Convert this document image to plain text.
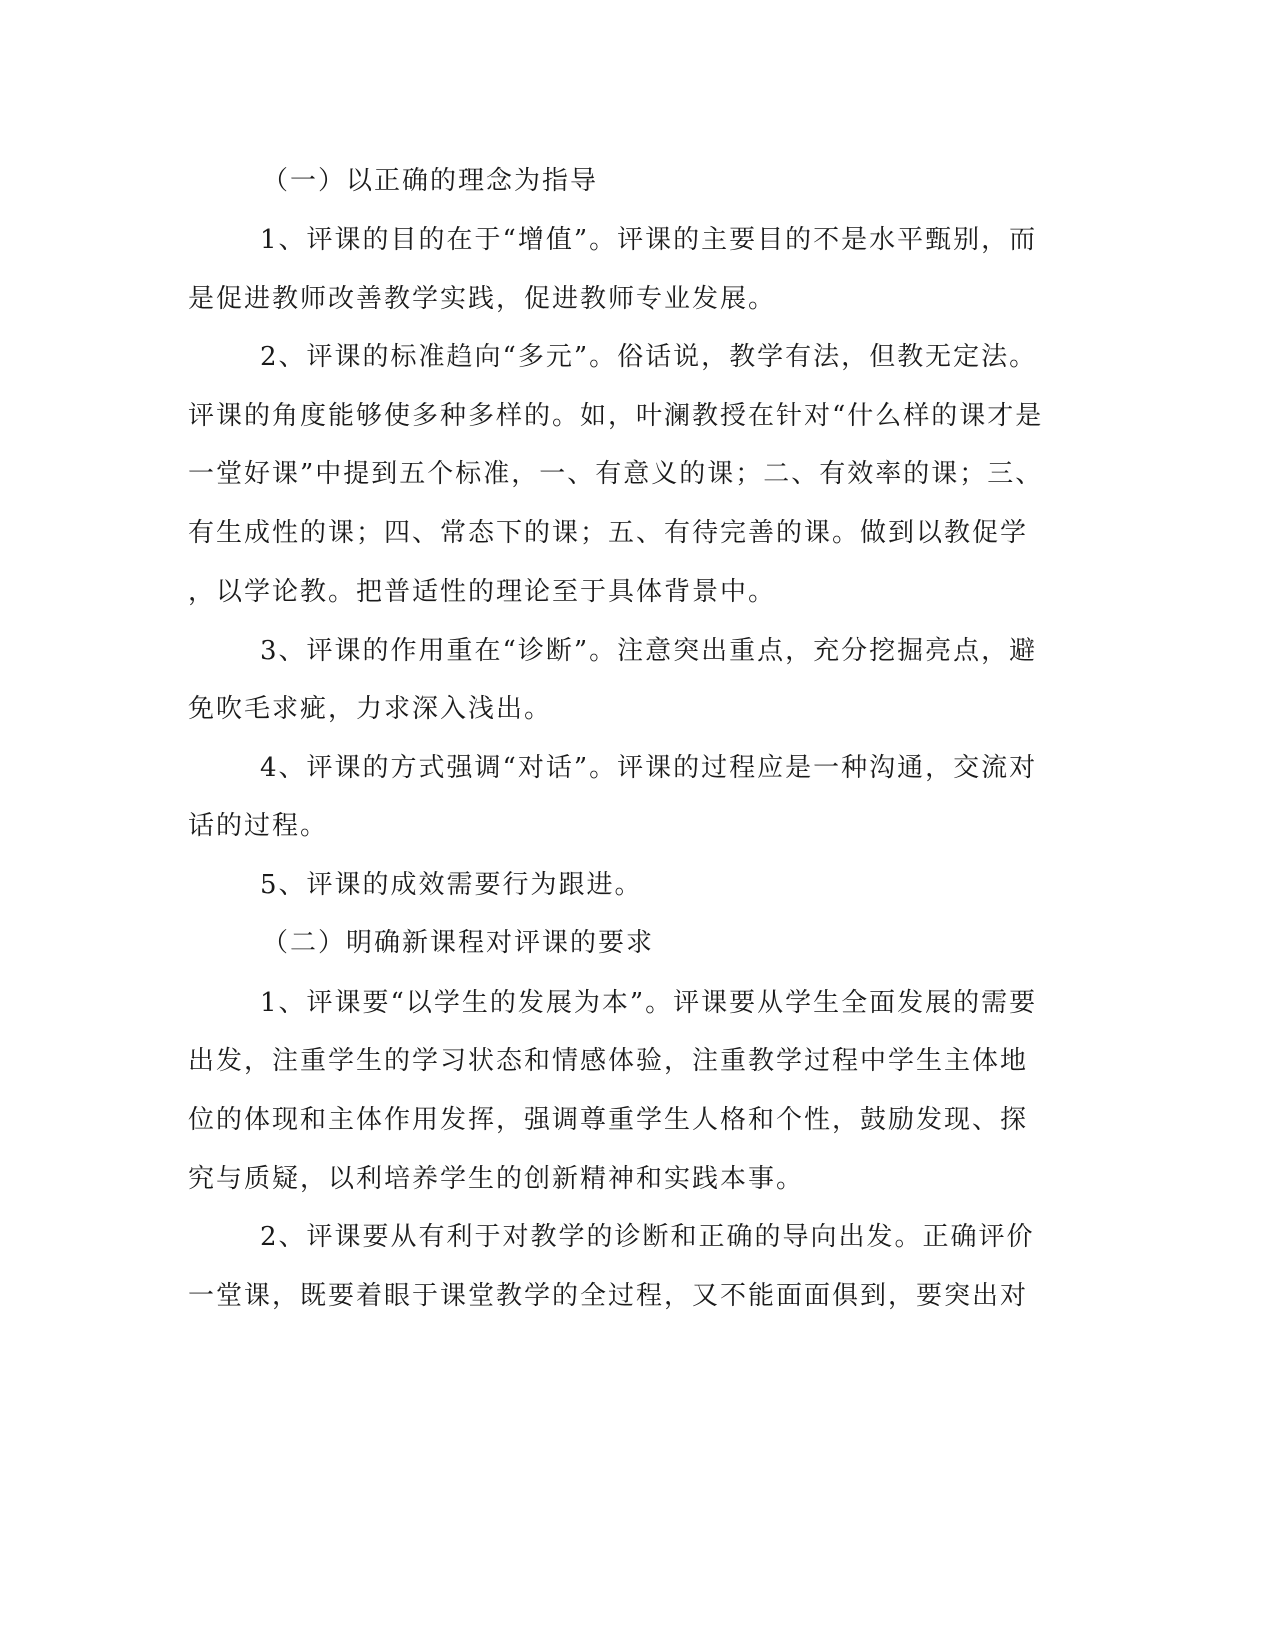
（一）以正确的理念为指导
1、评课的目的在于“增值”。评课的主要目的不是水平甄别，而
是促进教师改善教学实践，促进教师专业发展。
2、评课的标准趋向“多元”。俗话说，教学有法，但教无定法。
评课的角度能够使多种多样的。如，叶澜教授在针对“什么样的课才是
一堂好课”中提到五个标准，一、有意义的课；二、有效率的课；三、
有生成性的课；四、常态下的课；五、有待完善的课。做到以教促学
，以学论教。把普适性的理论至于具体背景中。
3、评课的作用重在“诊断”。注意突出重点，充分挖掘亮点，避
免吹毛求疵，力求深入浅出。
4、评课的方式强调“对话”。评课的过程应是一种沟通，交流对
话的过程。
5、评课的成效需要行为跟进。
（二）明确新课程对评课的要求
1、评课要“以学生的发展为本”。评课要从学生全面发展的需要
出发，注重学生的学习状态和情感体验，注重教学过程中学生主体地
位的体现和主体作用发挥，强调尊重学生人格和个性，鼓励发现、探
究与质疑，以利培养学生的创新精神和实践本事。
2、评课要从有利于对教学的诊断和正确的导向出发。正确评价
一堂课，既要着眼于课堂教学的全过程，又不能面面俱到，要突出对
